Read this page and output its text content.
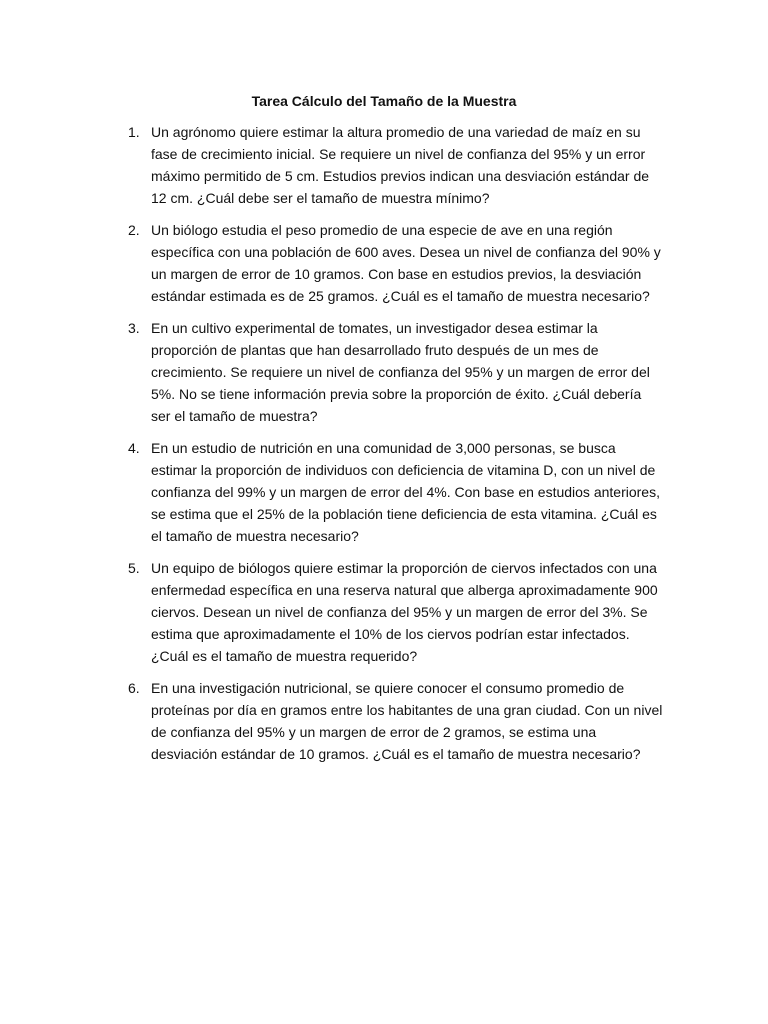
Tarea Cálculo del Tamaño de la Muestra
1. Un agrónomo quiere estimar la altura promedio de una variedad de maíz en su fase de crecimiento inicial. Se requiere un nivel de confianza del 95% y un error máximo permitido de 5 cm. Estudios previos indican una desviación estándar de 12 cm. ¿Cuál debe ser el tamaño de muestra mínimo?
2. Un biólogo estudia el peso promedio de una especie de ave en una región específica con una población de 600 aves. Desea un nivel de confianza del 90% y un margen de error de 10 gramos. Con base en estudios previos, la desviación estándar estimada es de 25 gramos. ¿Cuál es el tamaño de muestra necesario?
3. En un cultivo experimental de tomates, un investigador desea estimar la proporción de plantas que han desarrollado fruto después de un mes de crecimiento. Se requiere un nivel de confianza del 95% y un margen de error del 5%. No se tiene información previa sobre la proporción de éxito. ¿Cuál debería ser el tamaño de muestra?
4. En un estudio de nutrición en una comunidad de 3,000 personas, se busca estimar la proporción de individuos con deficiencia de vitamina D, con un nivel de confianza del 99% y un margen de error del 4%. Con base en estudios anteriores, se estima que el 25% de la población tiene deficiencia de esta vitamina. ¿Cuál es el tamaño de muestra necesario?
5. Un equipo de biólogos quiere estimar la proporción de ciervos infectados con una enfermedad específica en una reserva natural que alberga aproximadamente 900 ciervos. Desean un nivel de confianza del 95% y un margen de error del 3%. Se estima que aproximadamente el 10% de los ciervos podrían estar infectados. ¿Cuál es el tamaño de muestra requerido?
6. En una investigación nutricional, se quiere conocer el consumo promedio de proteínas por día en gramos entre los habitantes de una gran ciudad. Con un nivel de confianza del 95% y un margen de error de 2 gramos, se estima una desviación estándar de 10 gramos. ¿Cuál es el tamaño de muestra necesario?
